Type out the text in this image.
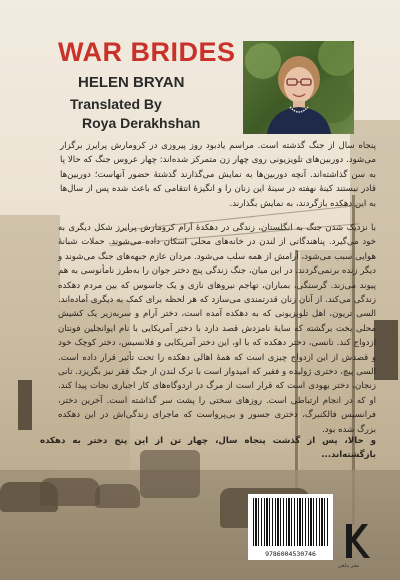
WAR BRIDES
HELEN BRYAN
Translated By
Roya Derakhshan
پنجاه سال از جنگ گذشته است. مراسم یادبود روز پیروزی در کرومارش پرایرز برگزار می‌شود. دوربین‌های تلویزیونی روی چهار زن متمرکز شده‌اند: چهار عروس جنگ که حالا پا به سن گذاشته‌اند. آنچه دوربین‌ها به نمایش می‌گذارند گذشتهٔ حضور آنهاست؛ دوربین‌ها قادر نیستند کینهٔ نهفته در سینهٔ این زنان را و انگیزهٔ انتقامی که باعث شده پس از سال‌ها به این دهکده بازگردند، به نمایش بگذارند.
با نزدیک شدن جنگ به انگلستان، زندگی در دهکدهٔ آرام کرومارش پرایرز شکل دیگری به خود می‌گیرد. پناهندگانی از لندن در خانه‌های محلی اسکان داده می‌شوند. حملات شبانهٔ هوایی سبب می‌شود، آرامش از همه سلب می‌شود. مردان عازم جبهه‌های جنگ می‌شوند و دیگر زنده برنمی‌گردند. در این میان، جنگ زندگی پنج دختر جوان را به‌طرز نامأنوسی به هم پیوند می‌زند. گرسنگی، بمباران، تهاجم نیروهای نازی و یک جاسوس که بین مردم دهکده زندگی می‌کند. از آنان زنان قدرتمندی می‌سازد که هر لحظه برای کمک به دیگری آماده‌اند. السی تریون، اهل تلویزیونی که به دهکده آمده است، دختر آرام و سربه‌زیر یک کشیش محلی بخت برگشته که سایهٔ نامزدش قصد دارد با دختر آمریکایی با نام ایوانجلین فونتان ازدواج کند. تانسی، دختر دهکده که با او، این دختر آمریکایی و فلانسیس، دختر کوچک خود و قصدش از این ازدواج چیزی است که همهٔ اهالی دهکده را تحت تأثیر قرار داده است. السی پیچ، دختری ژولیده و فقیر که امیدوار است با ترک لندن از جنگ فقر نیز بگریزد. تانی زنجان، دختر یهودی است که قرار است از مرگ در اردوگاه‌های کار اجباری نجات پیدا کند. او که در انجام ارتباطی است. روزهای سختی را پشت سر گذاشته است. آخرین دختر، فرانسیس فالکنبرگ، دختری جسور و بی‌پرواست که ماجرای زندگی‌اش در این دهکده بزرگ شده بود.
و حالا، پس از گذشت پنجاه سال، چهار تن از این پنج دختر به دهکده بازگشته‌اند...
9786004530746
نشر ماهی
